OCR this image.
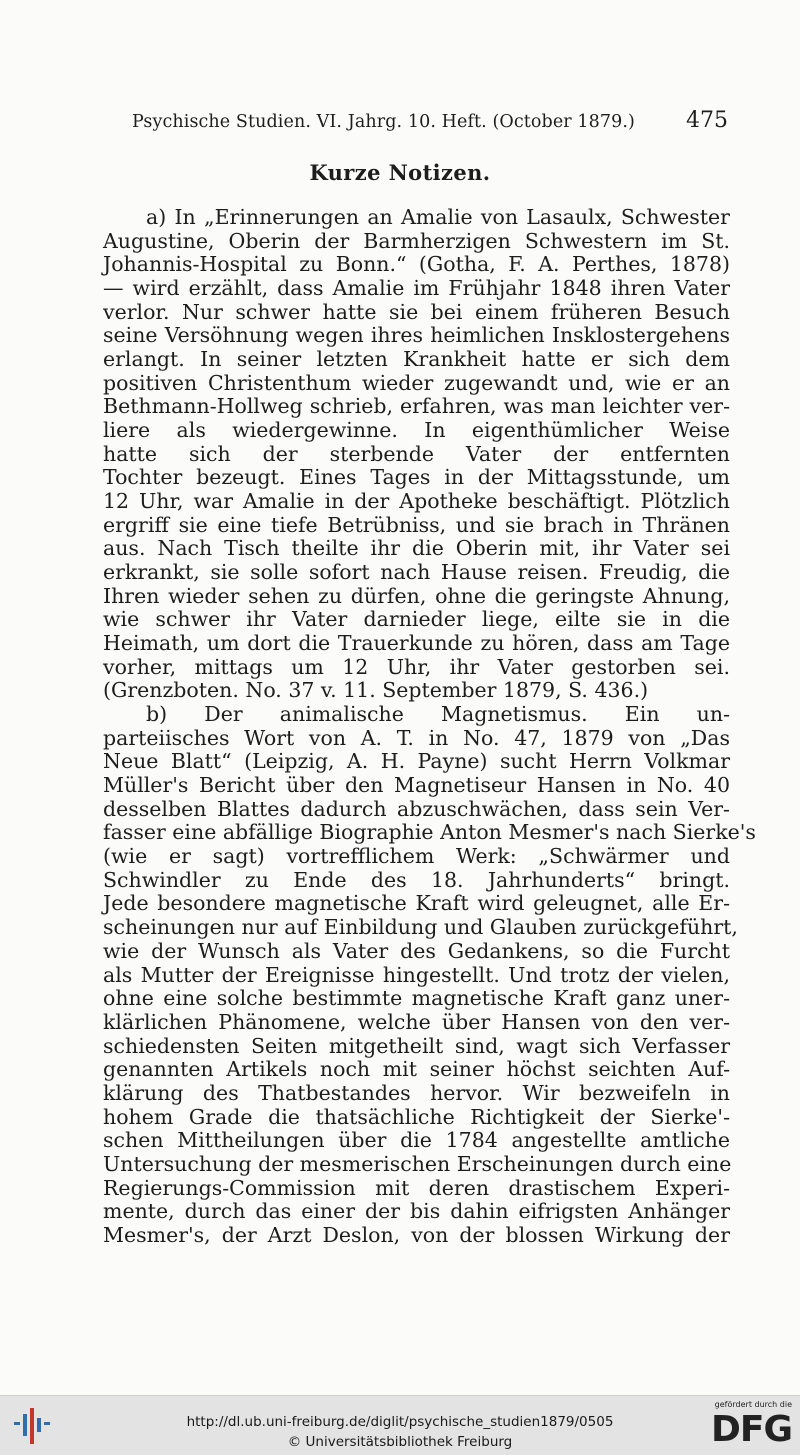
Psychische Studien. VI. Jahrg. 10. Heft. (October 1879.) 475
Kurze Notizen.
a) In „Erinnerungen an Amalie von Lasaulx, Schwester
Augustine, Oberin der Barmherzigen Schwestern im St.
Johannis-Hospital zu Bonn.“ (Gotha, F. A. Perthes, 1878)
— wird erzählt, dass Amalie im Frühjahr 1848 ihren Vater
verlor. Nur schwer hatte sie bei einem früheren Besuch
seine Versöhnung wegen ihres heimlichen Insklostergehens
erlangt. In seiner letzten Krankheit hatte er sich dem
positiven Christenthum wieder zugewandt und, wie er an
Bethmann-Hollweg schrieb, erfahren, was man leichter ver-
liere als wiedergewinne. In eigenthümlicher Weise
hatte sich der sterbende Vater der entfernten
Tochter bezeugt. Eines Tages in der Mittagsstunde, um
12 Uhr, war Amalie in der Apotheke beschäftigt. Plötzlich
ergriff sie eine tiefe Betrübniss, und sie brach in Thränen
aus. Nach Tisch theilte ihr die Oberin mit, ihr Vater sei
erkrankt, sie solle sofort nach Hause reisen. Freudig, die
Ihren wieder sehen zu dürfen, ohne die geringste Ahnung,
wie schwer ihr Vater darnieder liege, eilte sie in die
Heimath, um dort die Trauerkunde zu hören, dass am Tage
vorher, mittags um 12 Uhr, ihr Vater gestorben sei.
(Grenzboten. No. 37 v. 11. September 1879, S. 436.)
b) Der animalische Magnetismus. Ein un-
parteiisches Wort von A. T. in No. 47, 1879 von „Das
Neue Blatt“ (Leipzig, A. H. Payne) sucht Herrn Volkmar
Müller's Bericht über den Magnetiseur Hansen in No. 40
desselben Blattes dadurch abzuschwächen, dass sein Ver-
fasser eine abfällige Biographie Anton Mesmer's nach Sierke's
(wie er sagt) vortrefflichem Werk: „Schwärmer und
Schwindler zu Ende des 18. Jahrhunderts“ bringt.
Jede besondere magnetische Kraft wird geleugnet, alle Er-
scheinungen nur auf Einbildung und Glauben zurückgeführt,
wie der Wunsch als Vater des Gedankens, so die Furcht
als Mutter der Ereignisse hingestellt. Und trotz der vielen,
ohne eine solche bestimmte magnetische Kraft ganz uner-
klärlichen Phänomene, welche über Hansen von den ver-
schiedensten Seiten mitgetheilt sind, wagt sich Verfasser
genannten Artikels noch mit seiner höchst seichten Auf-
klärung des Thatbestandes hervor. Wir bezweifeln in
hohem Grade die thatsächliche Richtigkeit der Sierke'-
schen Mittheilungen über die 1784 angestellte amtliche
Untersuchung der mesmerischen Erscheinungen durch eine
Regierungs-Commission mit deren drastischem Experi-
mente, durch das einer der bis dahin eifrigsten Anhänger
Mesmer's, der Arzt Deslon, von der blossen Wirkung der
http://dl.ub.uni-freiburg.de/diglit/psychische_studien1879/0505
© Universitätsbibliothek Freiburg
gefördert durch die
DFG
